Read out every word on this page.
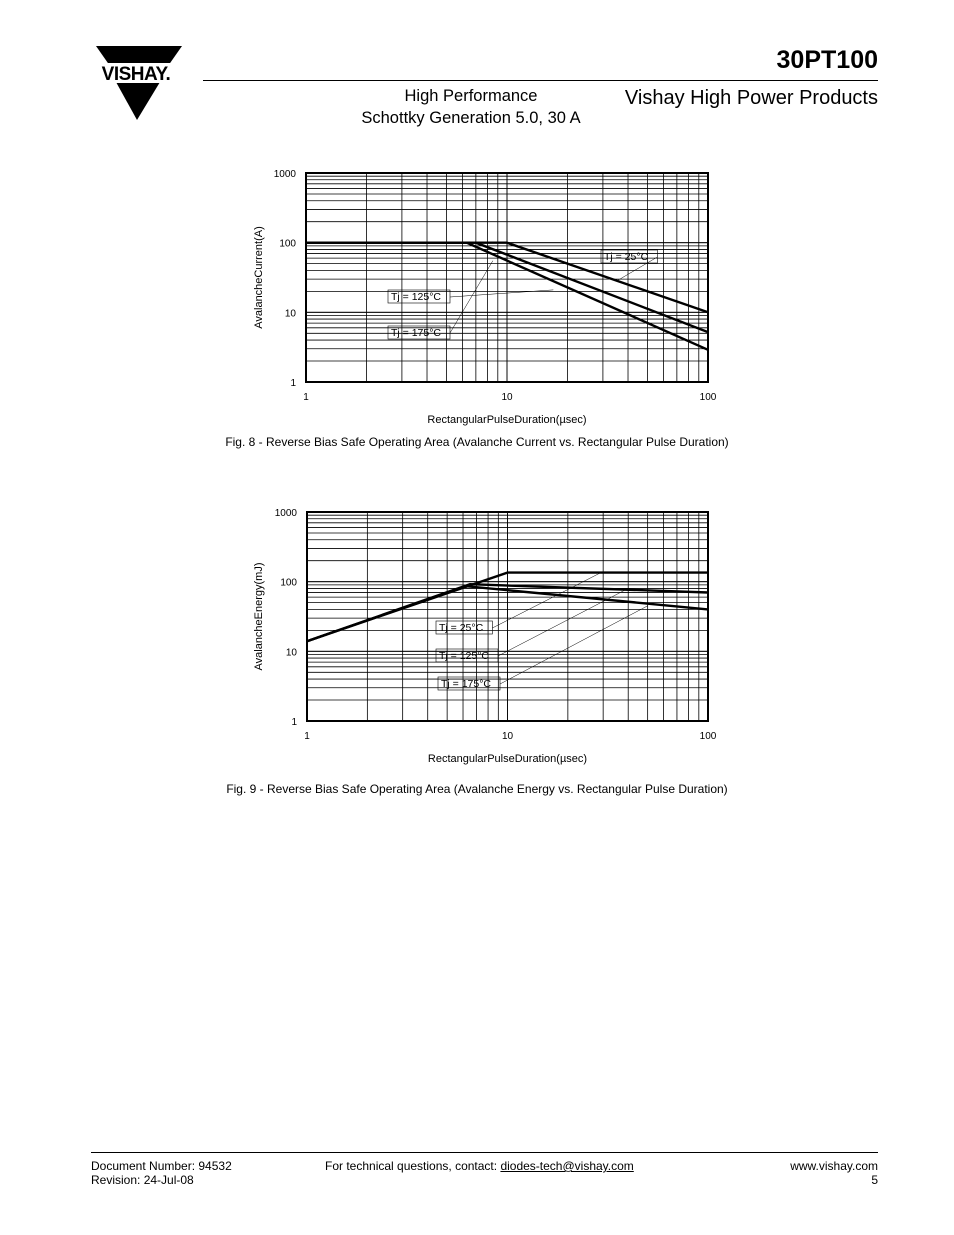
VISHAY.
30PT100
Vishay High Power Products
High Performance
Schottky Generation 5.0, 30 A
Tj = 25°C
Tj = 125°C
Tj = 175°C
1	10	100
1
10
100
1000
RectangularPulseDuration(µsec)
AvalancheCurrent(A)
Fig. 8 - Reverse Bias Safe Operating Area (Avalanche Current vs. Rectangular Pulse Duration)
Tj = 25°C
Tj = 125°C
Tj = 175°C
1	10	100
1
10
100
1000
RectangularPulseDuration(µsec)
AvalancheEnergy(mJ)
Fig. 9 - Reverse Bias Safe Operating Area (Avalanche Energy vs. Rectangular Pulse Duration)
Document Number: 94532
Revision: 24-Jul-08
For technical questions, contact: diodes-tech@vishay.com	www.vishay.com
5
